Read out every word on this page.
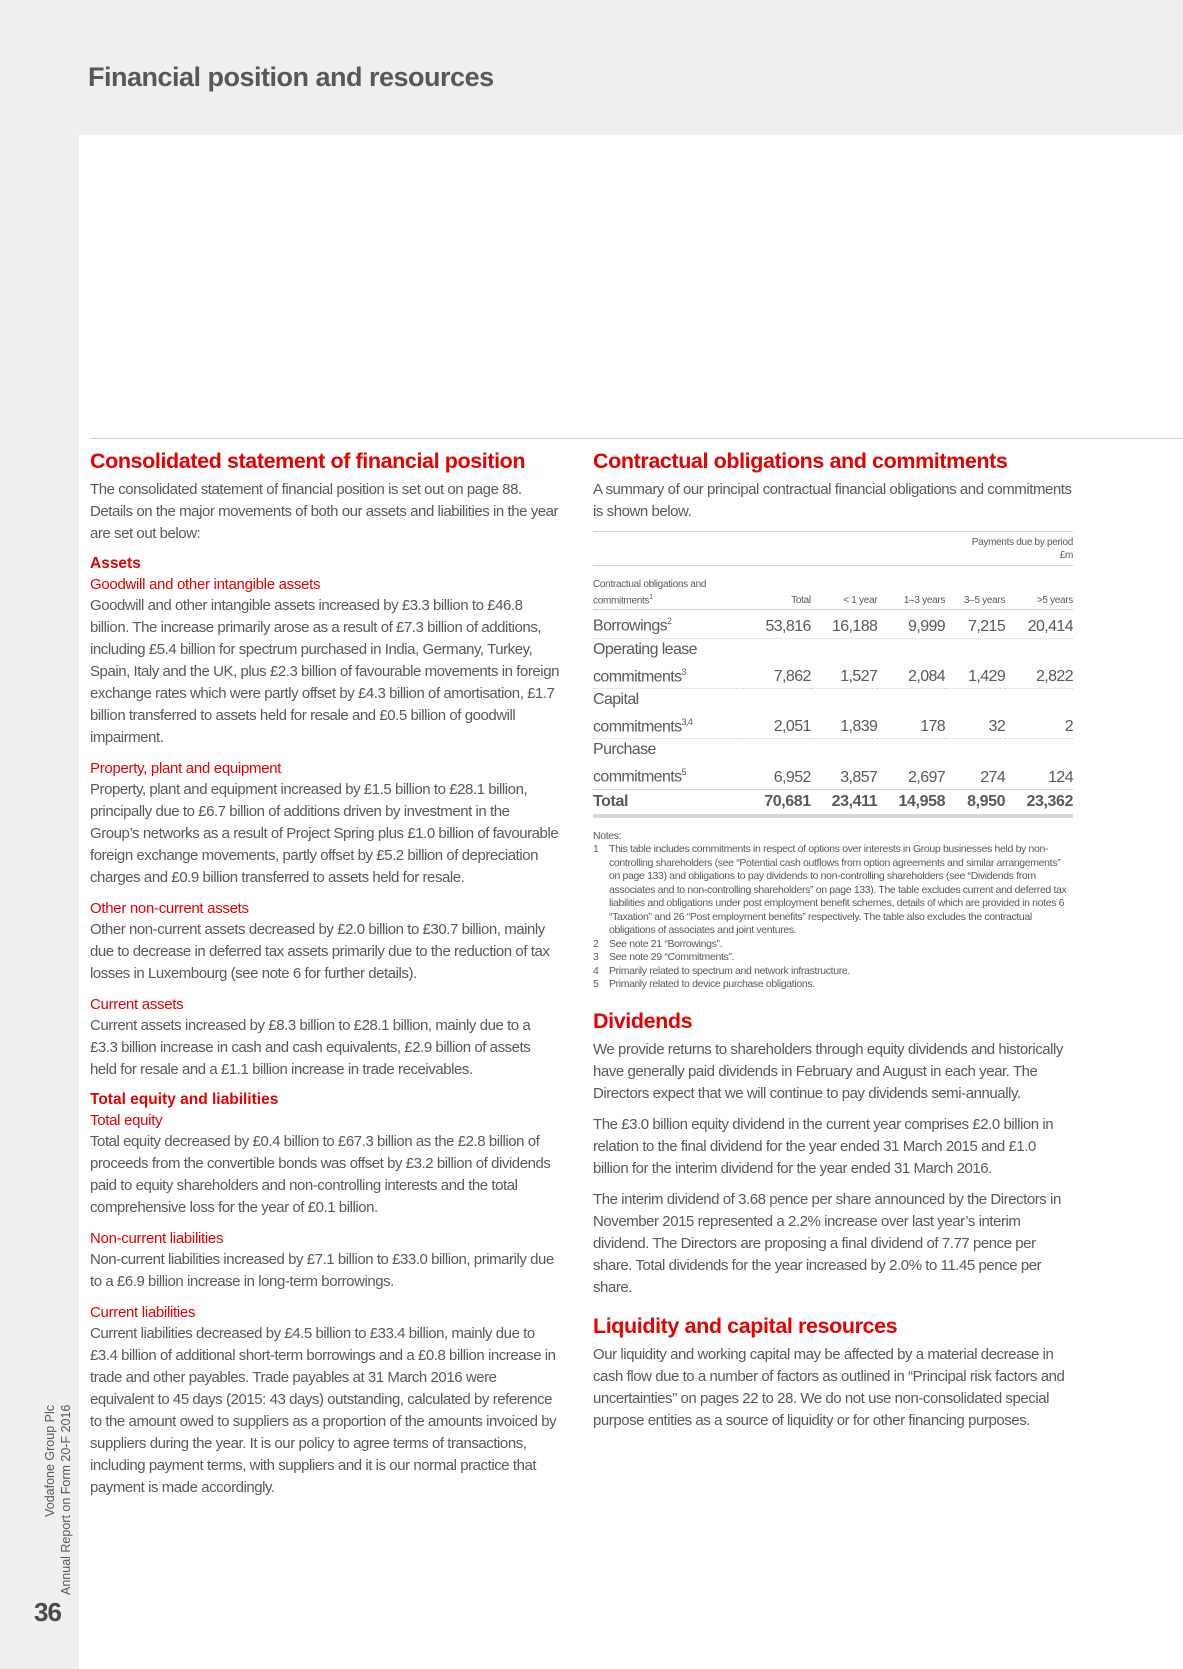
Financial position and resources
Consolidated statement of financial position

The consolidated statement of financial position is set out on page 88. Details on the major movements of both our assets and liabilities in the year are set out below:

Assets
Goodwill and other intangible assets

Goodwill and other intangible assets increased by £3.3 billion to £46.8 billion. The increase primarily arose as a result of £7.3 billion of additions, including £5.4 billion for spectrum purchased in India, Germany, Turkey, Spain, Italy and the UK, plus £2.3 billion of favourable movements in foreign exchange rates which were partly offset by £4.3 billion of amortisation, £1.7 billion transferred to assets held for resale and £0.5 billion of goodwill impairment.

Property, plant and equipment

Property, plant and equipment increased by £1.5 billion to £28.1 billion, principally due to £6.7 billion of additions driven by investment in the Group’s networks as a result of Project Spring plus £1.0 billion of favourable foreign exchange movements, partly offset by £5.2 billion of depreciation charges and £0.9 billion transferred to assets held for resale.

Other non-current assets

Other non-current assets decreased by £2.0 billion to £30.7 billion, mainly due to decrease in deferred tax assets primarily due to the reduction of tax losses in Luxembourg (see note 6 for further details).

Current assets

Current assets increased by £8.3 billion to £28.1 billion, mainly due to a £3.3 billion increase in cash and cash equivalents, £2.9 billion of assets held for resale and a £1.1 billion increase in trade receivables.

Total equity and liabilities
Total equity

Total equity decreased by £0.4 billion to £67.3 billion as the £2.8 billion of proceeds from the convertible bonds was offset by £3.2 billion of dividends paid to equity shareholders and non-controlling interests and the total comprehensive loss for the year of £0.1 billion.

Non-current liabilities

Non-current liabilities increased by £7.1 billion to £33.0 billion, primarily due to a £6.9 billion increase in long-term borrowings.

Current liabilities

Current liabilities decreased by £4.5 billion to £33.4 billion, mainly due to £3.4 billion of additional short-term borrowings and a £0.8 billion increase in trade and other payables. Trade payables at 31 March 2016 were equivalent to 45 days (2015: 43 days) outstanding, calculated by reference to the amount owed to suppliers as a proportion of the amounts invoiced by suppliers during the year. It is our policy to agree terms of transactions, including payment terms, with suppliers and it is our normal practice that payment is made accordingly.

Contractual obligations and commitments

A summary of our principal contractual financial obligations and commitments is shown below.

Payments due by period
£m					
Contractual obligations and commitments$^1$	Total	< 1 year	1–3 years	3–5 years	>5 years
Borrowings$^2$	53,816	16,188	9,999	7,215	20,414
Operating lease
commitments$^3$	7,862	1,527	2,084	1,429	2,822
Capital
commitments$^{3,4}$	2,051	1,839	178	32	2
Purchase
commitments$^5$	6,952	3,857	2,697	274	124
Total	70,681	23,411	14,958	8,950	23,362
Notes:
1	This table includes commitments in respect of options over interests in Group businesses held by non-controlling shareholders (see “Potential cash outflows from option agreements and similar arrangements” on page 133) and obligations to pay dividends to non-controlling shareholders (see “Dividends from associates and to non-controlling shareholders” on page 133). The table excludes current and deferred tax liabilities and obligations under post employment benefit schemes, details of which are provided in notes 6 “Taxation” and 26 “Post employment benefits” respectively. The table also excludes the contractual obligations of associates and joint ventures.
2	See note 21 “Borrowings”.
3	See note 29 “Commitments”.
4	Primarily related to spectrum and network infrastructure.
5	Primarily related to device purchase obligations.
Dividends

We provide returns to shareholders through equity dividends and historically have generally paid dividends in February and August in each year. The Directors expect that we will continue to pay dividends semi-annually.

The £3.0 billion equity dividend in the current year comprises £2.0 billion in relation to the final dividend for the year ended 31 March 2015 and £1.0 billion for the interim dividend for the year ended 31 March 2016.

The interim dividend of 3.68 pence per share announced by the Directors in November 2015 represented a 2.2% increase over last year’s interim dividend. The Directors are proposing a final dividend of 7.77 pence per share. Total dividends for the year increased by 2.0% to 11.45 pence per share.

Liquidity and capital resources

Our liquidity and working capital may be affected by a material decrease in cash flow due to a number of factors as outlined in “Principal risk factors and uncertainties” on pages 22 to 28. We do not use non-consolidated special purpose entities as a source of liquidity or for other financing purposes.

Vodafone Group Plc Annual Report on Form 20-F 2016
36
